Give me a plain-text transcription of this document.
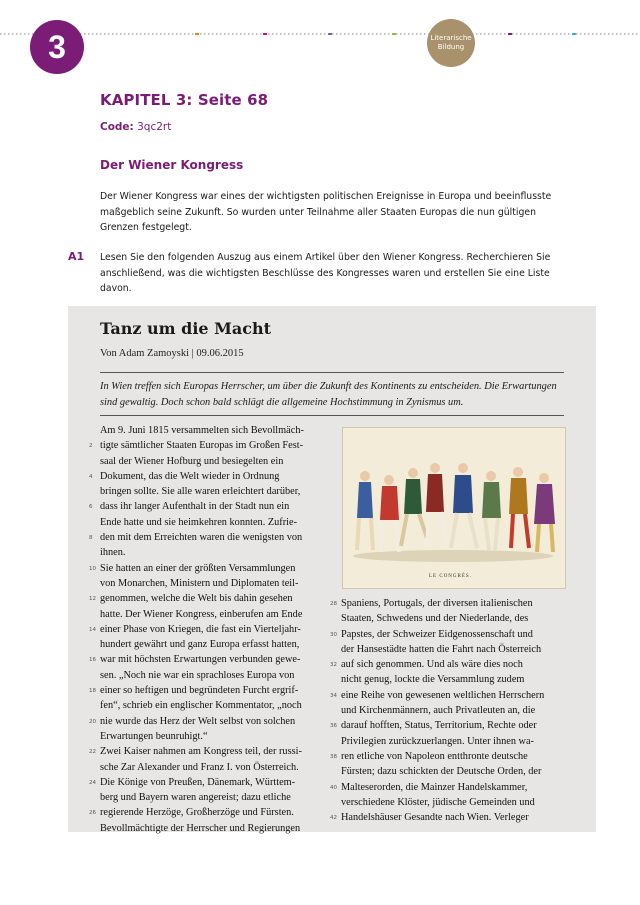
3	Literarische
Bildung
KAPITEL 3: Seite 68
Code: 3qc2rt
Der Wiener Kongress
Der Wiener Kongress war eines der wichtigsten politischen Ereignisse in Europa und beeinflusste maßgeblich seine Zukunft. So wurden unter Teilnahme aller Staaten Europas die nun gültigen Grenzen festgelegt.
A1 Lesen Sie den folgenden Auszug aus einem Artikel über den Wiener Kongress. Recherchieren Sie anschließend, was die wichtigsten Beschlüsse des Kongresses waren und erstellen Sie eine Liste davon.
Tanz um die Macht
Von Adam Zamoyski | 09.06.2015
In Wien treffen sich Europas Herrscher, um über die Zukunft des Kontinents zu entscheiden. Die Erwartungen sind gewaltig. Doch schon bald schlägt die allgemeine Hochstimmung in Zynismus um.
Am 9. Juni 1815 versammelten sich Bevollmäch-
2 tigte sämtlicher Staaten Europas im Großen Fest-
saal der Wiener Hofburg und besiegelten ein
4 Dokument, das die Welt wieder in Ordnung
bringen sollte. Sie alle waren erleichtert darüber,
6 dass ihr langer Aufenthalt in der Stadt nun ein
Ende hatte und sie heimkehren konnten. Zufrie-
8 den mit dem Erreichten waren die wenigsten von
ihnen.
10 Sie hatten an einer der größten Versammlungen
von Monarchen, Ministern und Diplomaten teil-
12 genommen, welche die Welt bis dahin gesehen
hatte. Der Wiener Kongress, einberufen am Ende
14 einer Phase von Kriegen, die fast ein Vierteljahr-
hundert gewährt und ganz Europa erfasst hatten,
16 war mit höchsten Erwartungen verbunden gewe-
sen. „Noch nie war ein sprachloses Europa von
18 einer so heftigen und begründeten Furcht ergrif-
fen“, schrieb ein englischer Kommentator, „noch
20 nie wurde das Herz der Welt selbst von solchen
Erwartungen beunruhigt.“
22 Zwei Kaiser nahmen am Kongress teil, der russi-
sche Zar Alexander und Franz I. von Österreich.
24 Die Könige von Preußen, Dänemark, Württem-
berg und Bayern waren angereist; dazu etliche
26 regierende Herzöge, Großherzöge und Fürsten.
Bevollmächtigte der Herrscher und Regierungen
28 Spaniens, Portugals, der diversen italienischen
Staaten, Schwedens und der Niederlande, des
30 Papstes, der Schweizer Eidgenossenschaft und
der Hansestädte hatten die Fahrt nach Österreich
32 auf sich genommen. Und als wäre dies noch
nicht genug, lockte die Versammlung zudem
34 eine Reihe von gewesenen weltlichen Herrschern
und Kirchenmännern, auch Privatleuten an, die
36 darauf hofften, Status, Territorium, Rechte oder
Privilegien zurückzuerlangen. Unter ihnen wa-
38 ren etliche von Napoleon entthronte deutsche
Fürsten; dazu schickten der Deutsche Orden, der
40 Malteserorden, die Mainzer Handelskammer,
verschiedene Klöster, jüdische Gemeinden und
42 Handelshäuser Gesandte nach Wien. Verleger
LE CONGRÈS.
